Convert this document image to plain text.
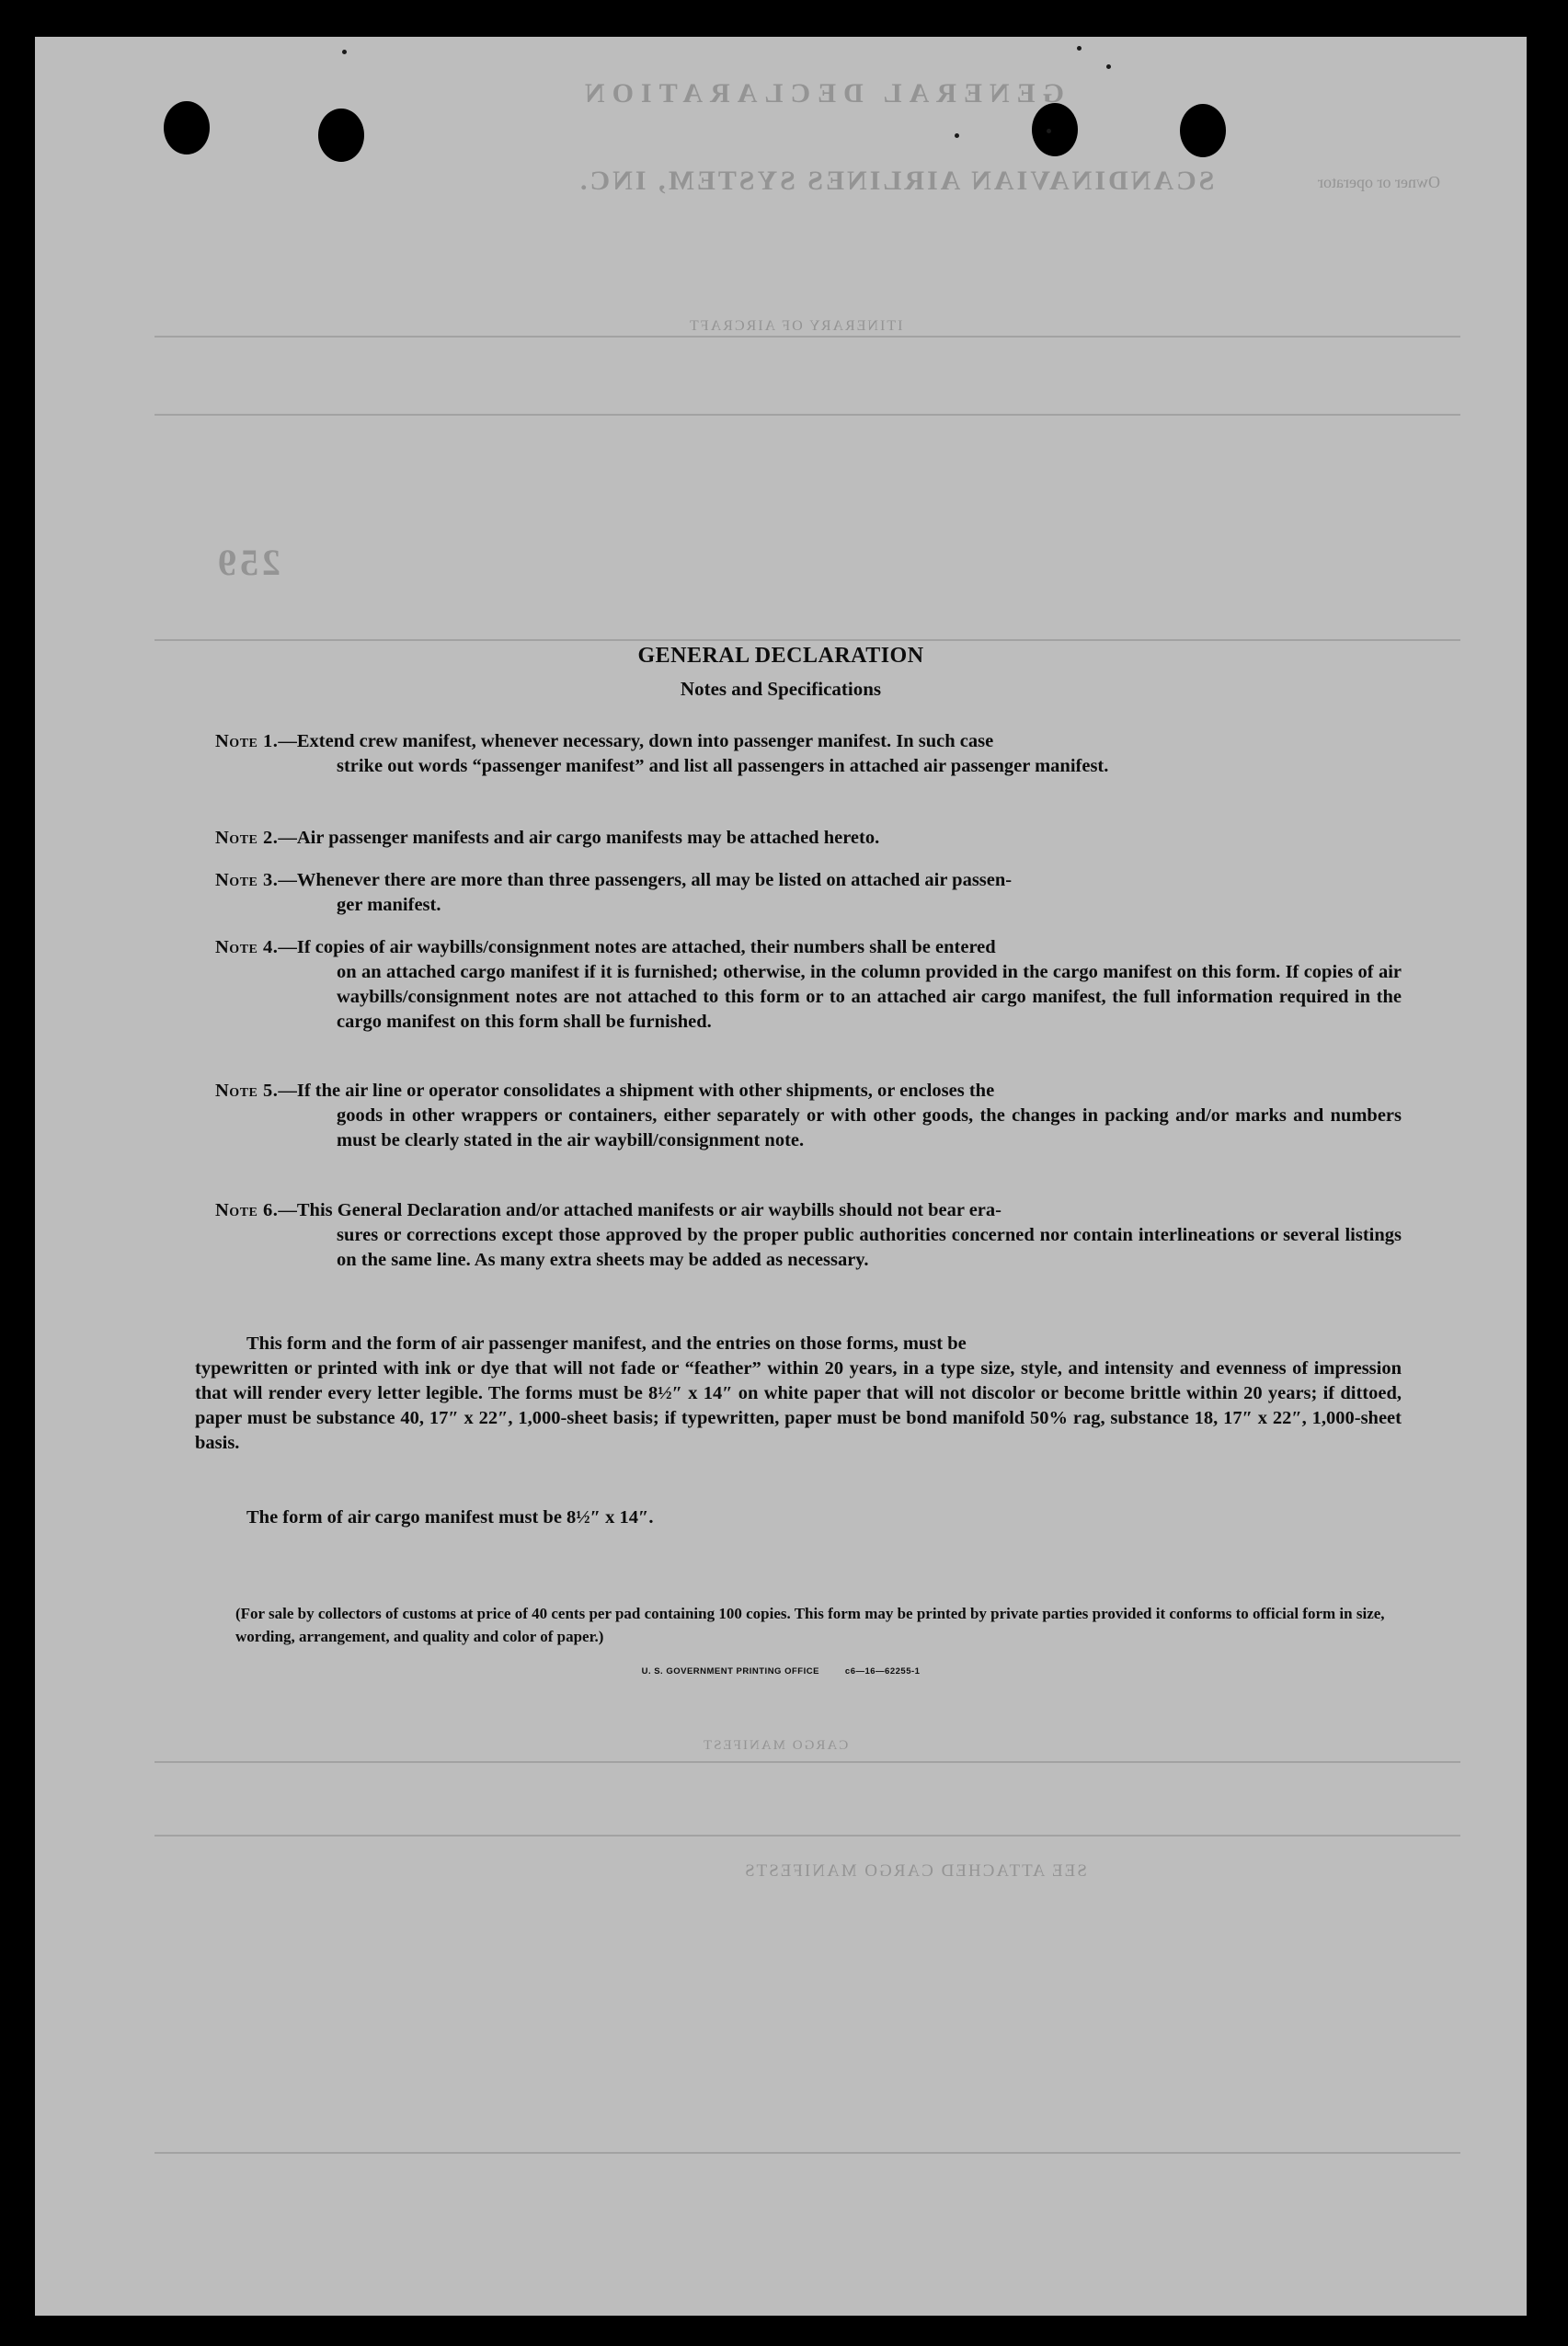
GENERAL DECLARATION
SCANDINAVIAN AIRLINES SYSTEM, INC.	Owner or operator
ITINERARY OF AIRCRAFT
259
CARGO MANIFEST
SEE ATTACHED CARGO MANIFESTS
GENERAL DECLARATION
Notes and Specifications
Note 1.—Extend crew manifest, whenever necessary, down into passenger manifest. In such case
strike out words “passenger manifest” and list all passengers in attached air passenger manifest.
Note 2.—Air passenger manifests and air cargo manifests may be attached hereto.
Note 3.—Whenever there are more than three passengers, all may be listed on attached air passen-
ger manifest.
Note 4.—If copies of air waybills/consignment notes are attached, their numbers shall be entered
on an attached cargo manifest if it is furnished; otherwise, in the column provided in the cargo manifest on this form. If copies of air waybills/consignment notes are not attached to this form or to an attached air cargo manifest, the full information required in the cargo manifest on this form shall be furnished.
Note 5.—If the air line or operator consolidates a shipment with other shipments, or encloses the
goods in other wrappers or containers, either separately or with other goods, the changes in packing and/or marks and numbers must be clearly stated in the air waybill/consignment note.
Note 6.—This General Declaration and/or attached manifests or air waybills should not bear era-
sures or corrections except those approved by the proper public authorities concerned nor contain interlineations or several listings on the same line. As many extra sheets may be added as necessary.
This form and the form of air passenger manifest, and the entries on those forms, must be
typewritten or printed with ink or dye that will not fade or “feather” within 20 years, in a type size, style, and intensity and evenness of impression that will render every letter legible. The forms must be 8½″ x 14″ on white paper that will not discolor or become brittle within 20 years; if dittoed, paper must be substance 40, 17″ x 22″, 1,000-sheet basis; if typewritten, paper must be bond manifold 50% rag, substance 18, 17″ x 22″, 1,000-sheet basis.
The form of air cargo manifest must be 8½″ x 14″.
(For sale by collectors of customs at price of 40 cents per pad containing 100 copies. This form may be printed by private parties provided it conforms to official form in size, wording, arrangement, and quality and color of paper.)
U. S. GOVERNMENT PRINTING OFFICE	c6—16—62255-1
